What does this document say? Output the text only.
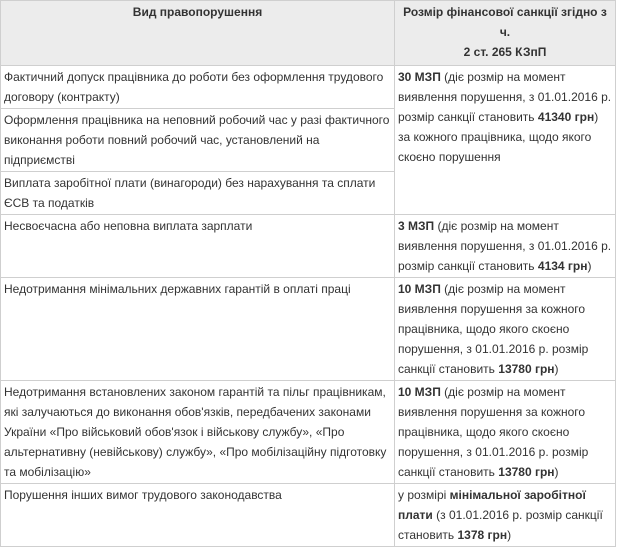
Вид правопорушення	Розмір фінансової санкції згідно з ч.
2 ст. 265 КЗпП

Фактичний допуск працівника до роботи без оформлення трудового договору (контракту)	30 МЗП (діє розмір на момент виявлення порушення, з 01.01.2016 р. розмір санкції становить 41340 грн) за кожного працівника, щодо якого скоєно порушення
Оформлення працівника на неповний робочий час у разі фактичного виконання роботи повний робочий час, установлений на підприємстві	
Виплата заробітної плати (винагороди) без нарахування та сплати ЄСВ та податків	
Несвоєчасна або неповна виплата зарплати	3 МЗП (діє розмір на момент виявлення порушення, з 01.01.2016 р. розмір санкції становить 4134 грн)
Недотримання мінімальних державних гарантій в оплаті праці	10 МЗП (діє розмір на момент виявлення порушення за кожного працівника, щодо якого скоєно порушення, з 01.01.2016 р. розмір санкції становить 13780 грн)
Недотримання встановлених законом гарантій та пільг працівникам, які залучаються до виконання обов'язків, передбачених законами України «Про військовий обов'язок і військову службу», «Про альтернативну (невійськову) службу», «Про мобілізаційну підготовку та мобілізацію»	10 МЗП (діє розмір на момент виявлення порушення за кожного працівника, щодо якого скоєно порушення, з 01.01.2016 р. розмір санкції становить 13780 грн)
Порушення інших вимог трудового законодавства	у розмірі мінімальної заробітної плати (з 01.01.2016 р. розмір санкції становить 1378 грн)
